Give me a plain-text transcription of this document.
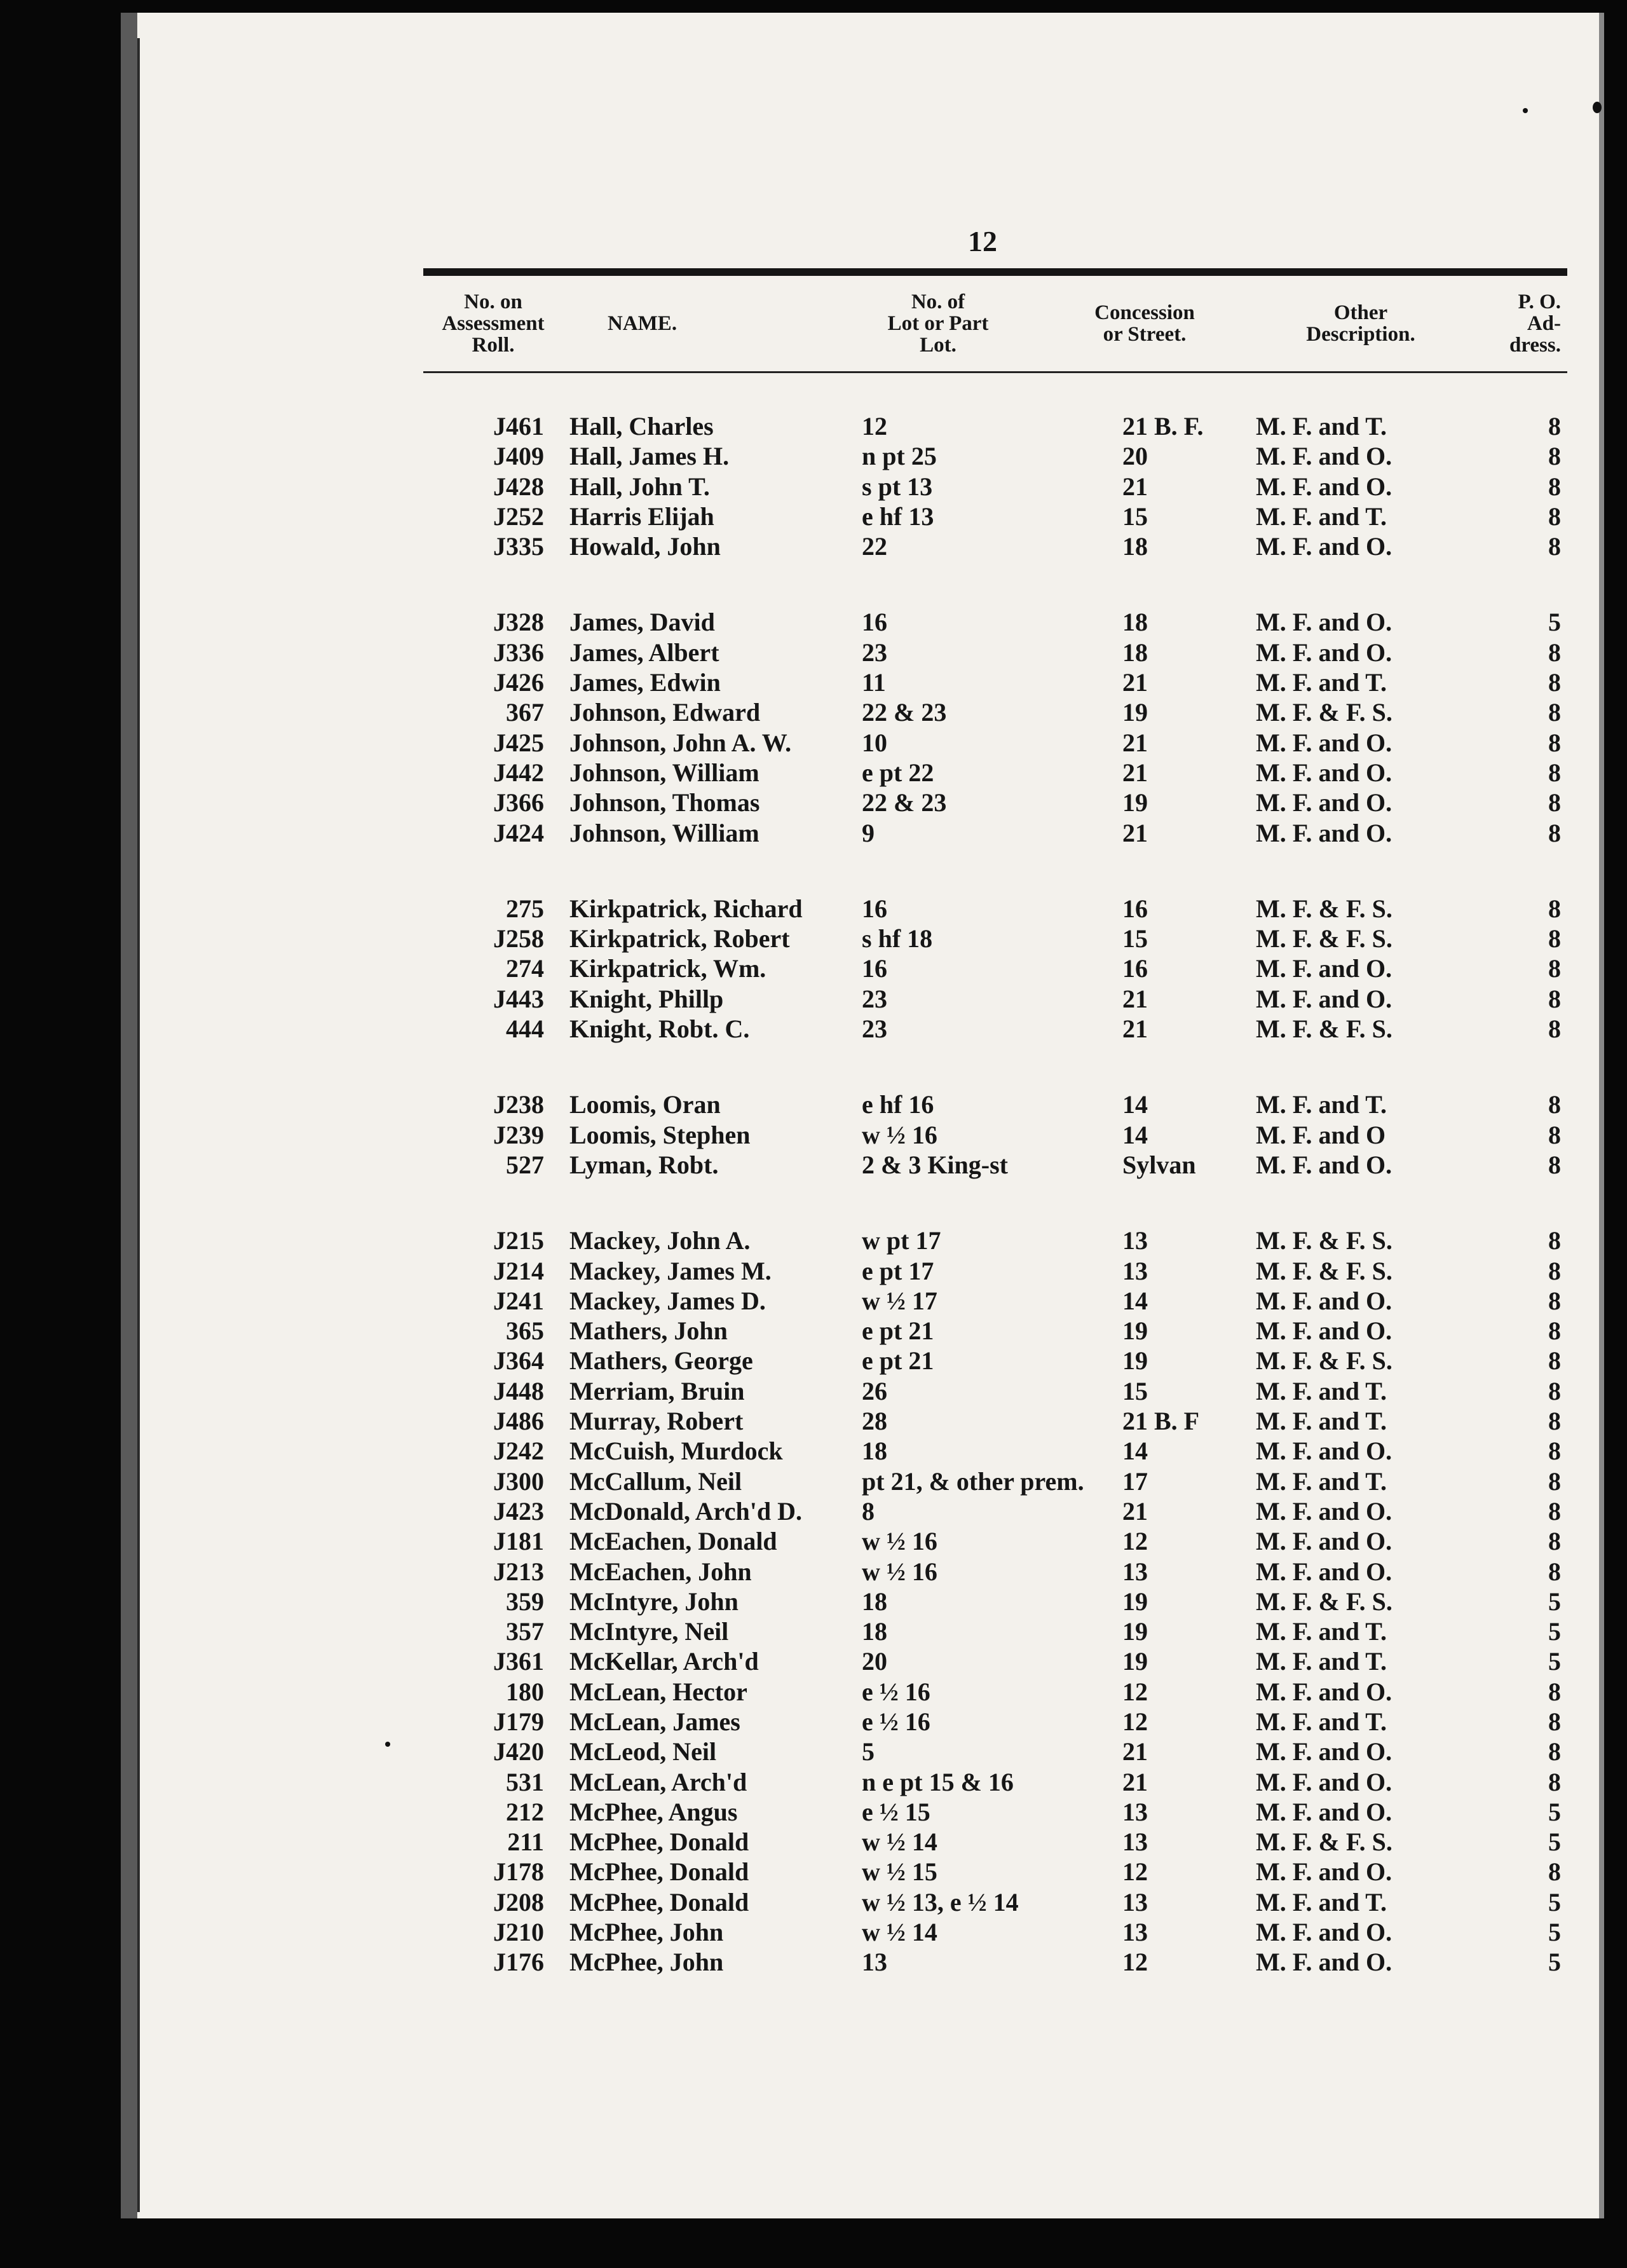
12
No. on
Assessment
Roll.
NAME.
No. of
Lot or Part
Lot.
Concession
or Street.
Other
Description.
P. O.
Ad-
dress.
J461	Hall, Charles	12	21 B. F.	M. F. and T.	8
J409	Hall, James H.	n pt 25	20	M. F. and O.	8
J428	Hall, John T.	s pt 13	21	M. F. and O.	8
J252	Harris Elijah	e hf 13	15	M. F. and T.	8
J335	Howald, John	22	18	M. F. and O.	8
J328	James, David	16	18	M. F. and O.	5
J336	James, Albert	23	18	M. F. and O.	8
J426	James, Edwin	11	21	M. F. and T.	8
367	Johnson, Edward	22 & 23	19	M. F. & F. S.	8
J425	Johnson, John A. W.	10	21	M. F. and O.	8
J442	Johnson, William	e pt 22	21	M. F. and O.	8
J366	Johnson, Thomas	22 & 23	19	M. F. and O.	8
J424	Johnson, William	9	21	M. F. and O.	8
275	Kirkpatrick, Richard	16	16	M. F. & F. S.	8
J258	Kirkpatrick, Robert	s hf 18	15	M. F. & F. S.	8
274	Kirkpatrick, Wm.	16	16	M. F. and O.	8
J443	Knight, Phillp	23	21	M. F. and O.	8
444	Knight, Robt. C.	23	21	M. F. & F. S.	8
J238	Loomis, Oran	e hf 16	14	M. F. and T.	8
J239	Loomis, Stephen	w ½ 16	14	M. F. and O	8
527	Lyman, Robt.	2 & 3 King-st	Sylvan	M. F. and O.	8
J215	Mackey, John A.	w pt 17	13	M. F. & F. S.	8
J214	Mackey, James M.	e pt 17	13	M. F. & F. S.	8
J241	Mackey, James D.	w ½ 17	14	M. F. and O.	8
365	Mathers, John	e pt 21	19	M. F. and O.	8
J364	Mathers, George	e pt 21	19	M. F. & F. S.	8
J448	Merriam, Bruin	26	15	M. F. and T.	8
J486	Murray, Robert	28	21 B. F	M. F. and T.	8
J242	McCuish, Murdock	18	14	M. F. and O.	8
J300	McCallum, Neil	pt 21, & other prem.	17	M. F. and T.	8
J423	McDonald, Arch'd D.	8	21	M. F. and O.	8
J181	McEachen, Donald	w ½ 16	12	M. F. and O.	8
J213	McEachen, John	w ½ 16	13	M. F. and O.	8
359	McIntyre, John	18	19	M. F. & F. S.	5
357	McIntyre, Neil	18	19	M. F. and T.	5
J361	McKellar, Arch'd	20	19	M. F. and T.	5
180	McLean, Hector	e ½ 16	12	M. F. and O.	8
J179	McLean, James	e ½ 16	12	M. F. and T.	8
J420	McLeod, Neil	5	21	M. F. and O.	8
531	McLean, Arch'd	n e pt 15 & 16	21	M. F. and O.	8
212	McPhee, Angus	e ½ 15	13	M. F. and O.	5
211	McPhee, Donald	w ½ 14	13	M. F. & F. S.	5
J178	McPhee, Donald	w ½ 15	12	M. F. and O.	8
J208	McPhee, Donald	w ½ 13, e ½ 14	13	M. F. and T.	5
J210	McPhee, John	w ½ 14	13	M. F. and O.	5
J176	McPhee, John	13	12	M. F. and O.	5
